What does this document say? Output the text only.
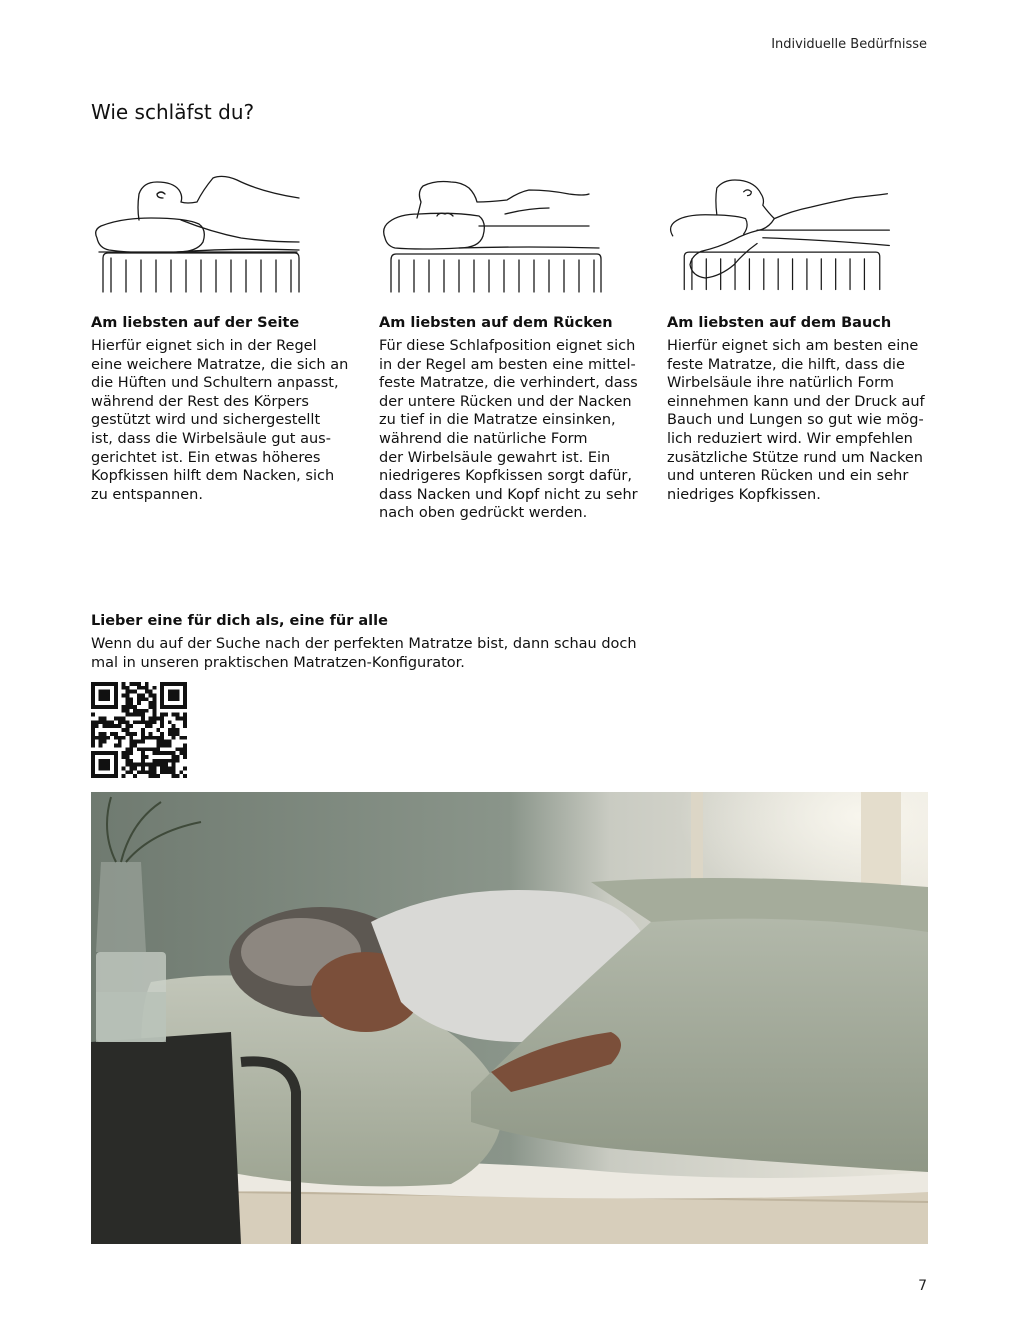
Individuelle Bedürfnisse
Wie schläfst du?
Am liebsten auf der Seite

Hierfür eignet sich in der Regel
eine weichere Matratze, die sich an
die Hüften und Schultern anpasst,
während der Rest des Körpers
gestützt wird und sichergestellt
ist, dass die Wirbelsäule gut aus-
gerichtet ist. Ein etwas höheres
Kopfkissen hilft dem Nacken, sich
zu entspannen.

Am liebsten auf dem Rücken

Für diese Schlafposition eignet sich
in der Regel am besten eine mittel-
feste Matratze, die verhindert, dass
der untere Rücken und der Nacken
zu tief in die Matratze einsinken,
während die natürliche Form
der Wirbelsäule gewahrt ist. Ein
niedrigeres Kopfkissen sorgt dafür,
dass Nacken und Kopf nicht zu sehr
nach oben gedrückt werden.

Am liebsten auf dem Bauch

Hierfür eignet sich am besten eine
feste Matratze, die hilft, dass die
Wirbelsäule ihre natürlich Form
einnehmen kann und der Druck auf
Bauch und Lungen so gut wie mög-
lich reduziert wird. Wir empfehlen
zusätzliche Stütze rund um Nacken
und unteren Rücken und ein sehr
niedriges Kopfkissen.

Lieber eine für dich als, eine für alle

Wenn du auf der Suche nach der perfekten Matratze bist, dann schau doch
mal in unseren praktischen Matratzen-Konfigurator.

7
